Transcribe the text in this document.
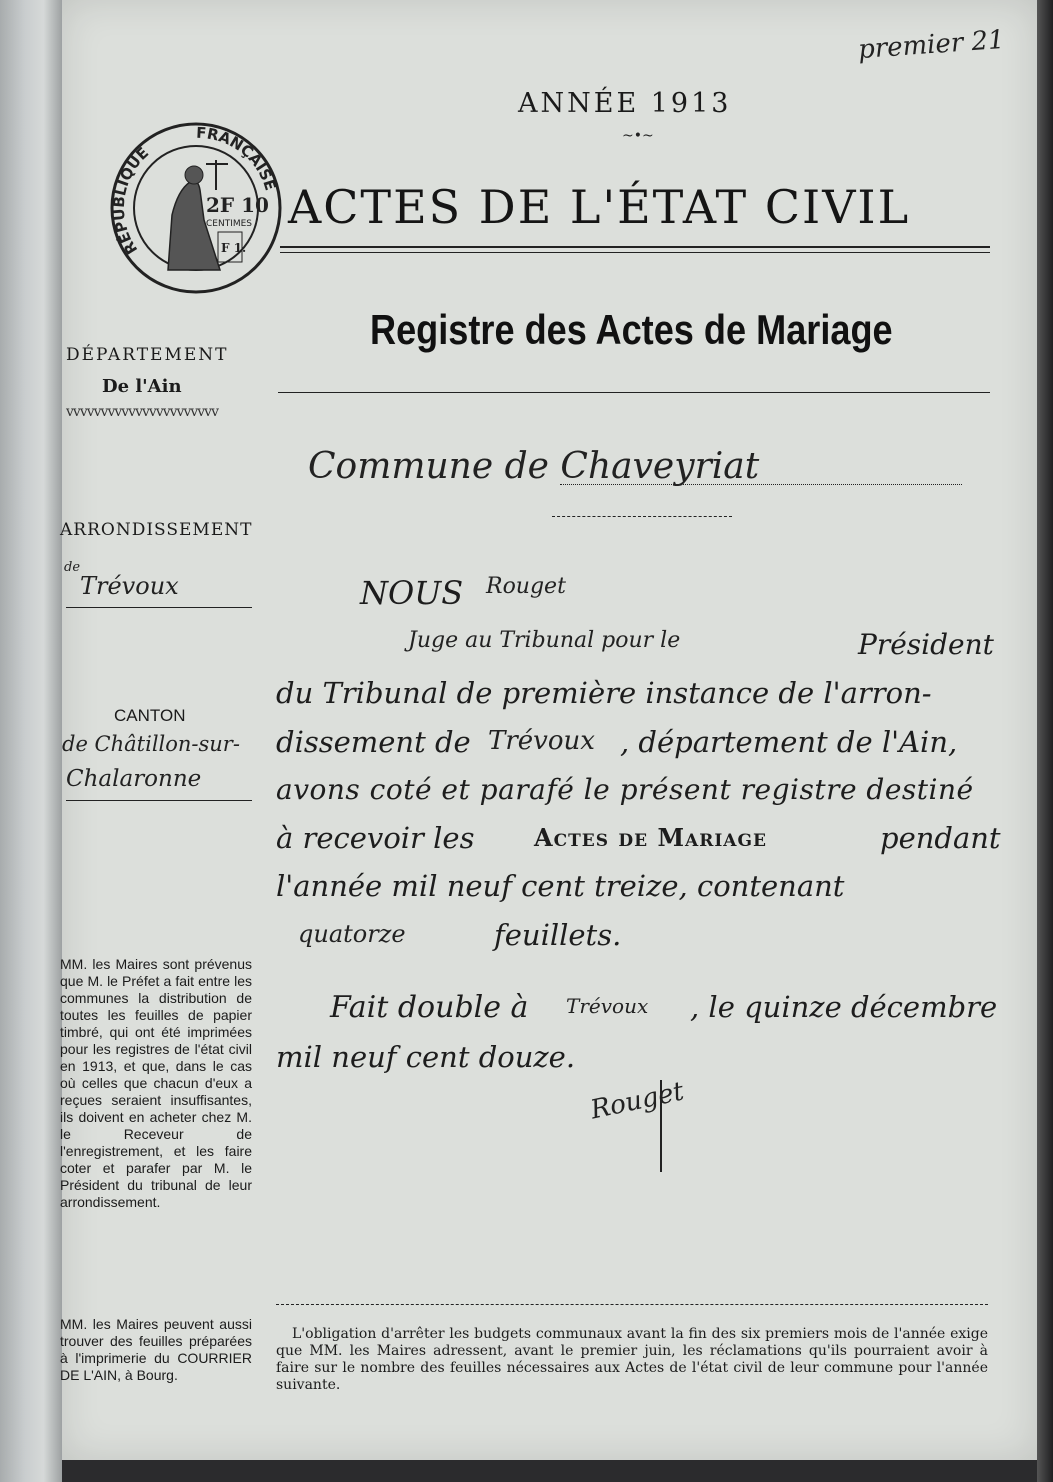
premier 21
ANNÉE 1913
~•~
RÉPUBLIQUE
FRANÇAISE
2F 10
CENTIMES
F 1.
ACTES DE L'ÉTAT CIVIL
Registre des Actes de Mariage
DÉPARTEMENT
De l'Ain
vvvvvvvvvvvvvvvvvvvvvv
ARRONDISSEMENT
de
Trévoux
CANTON
de Châtillon-sur-
Chalaronne
MM. les Maires sont prévenus que M. le Préfet a fait entre les communes la distribution de toutes les feuilles de papier timbré, qui ont été imprimées pour les registres de l'état civil en 1913, et que, dans le cas où celles que chacun d'eux a reçues seraient insuffisantes, ils doivent en acheter chez M. le Receveur de l'enregistrement, et les faire coter et parafer par M. le Président du tribunal de leur arrondissement.
MM. les Maires peuvent aussi trouver des feuilles préparées à l'imprimerie du COURRIER DE L'AIN, à Bourg.
Commune de Chaveyriat
NOUS Rouget
Juge au Tribunal pour le	Président
du Tribunal de première instance de l'arron-
dissement de Trévoux , département de l'Ain,
avons coté et parafé le présent registre destiné
à recevoir les Actes de Mariage	pendant
l'année mil neuf cent treize, contenant
quatorze	feuillets.
Fait double à Trévoux , le quinze décembre
mil neuf cent douze.
Rouget
L'obligation d'arrêter les budgets communaux avant la fin des six premiers mois de l'année exige que MM. les Maires adressent, avant le premier juin, les réclamations qu'ils pourraient avoir à faire sur le nombre des feuilles nécessaires aux Actes de l'état civil de leur commune pour l'année suivante.
